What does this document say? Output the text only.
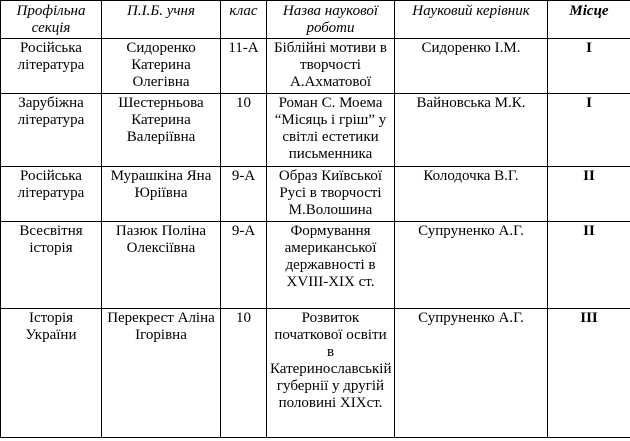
Профільна секція	П.І.Б. учня	клас	Назва наукової роботи	Науковий керівник	Місце
Російська література	Сидоренко Катерина Олегівна	11-А	Біблійні мотиви в творчості А.Ахматової	Сидоренко І.М.	І
Зарубіжна література	Шестерньова Катерина Валеріївна	10	Роман С. Моема “Місяць і гріш” у світлі естетики письменника	Вайновська М.К.	І
Російська література	Мурашкіна Яна Юріївна	9-А	Образ Київської Русі в творчості М.Волошина	Колодочка В.Г.	ІІ
Всесвітня історія	Пазюк Поліна Олексіївна	9-А	Формування американської державності в XVIII-XIX ст.	Супруненко А.Г.	ІІ
Історія України	Перекрест Аліна Ігорівна	10	Розвиток початкової освіти в Катеринославській губернії у другій половині ХІХст.	Супруненко А.Г.	ІІІ
